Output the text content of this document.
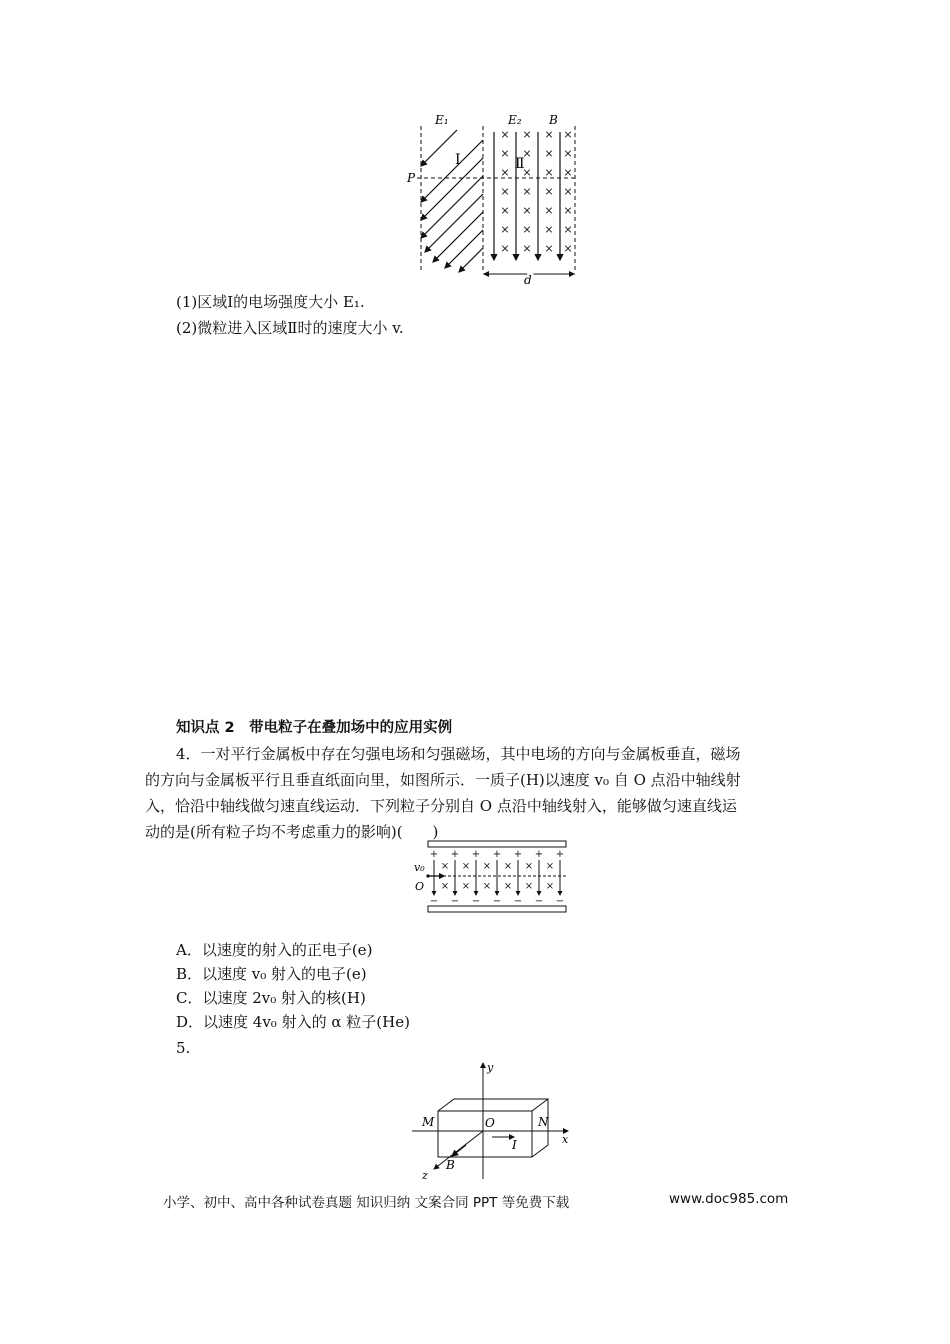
× × × ×
× × × ×
× × × ×
× × × ×
× × × ×
× × × ×
× × × ×
E₁	E₂ B
P
Ⅰ	Ⅱ
d
(1)区域Ⅰ的电场强度大小 E₁.
(2)微粒进入区域Ⅱ时的速度大小 v.
知识点 2　带电粒子在叠加场中的应用实例
4．一对平行金属板中存在匀强电场和匀强磁场，其中电场的方向与金属板垂直，磁场
的方向与金属板平行且垂直纸面向里，如图所示．一质子(H)以速度 v₀ 自 O 点沿中轴线射
入，恰沿中轴线做匀速直线运动．下列粒子分别自 O 点沿中轴线射入，能够做匀速直线运
动的是(所有粒子均不考虑重力的影响)(　　)
+ + + + + + +
− − − − − − −
× × × × × ×
× × × × × ×
v₀
O
A．以速度的射入的正电子(e)
B．以速度 v₀ 射入的电子(e)
C．以速度 2v₀ 射入的核(H)
D．以速度 4v₀ 射入的 α 粒子(He)
5.
y
x
z
M	N
O
I
B
小学、初中、高中各种试卷真题 知识归纳 文案合同 PPT 等免费下载	www.doc985.com
